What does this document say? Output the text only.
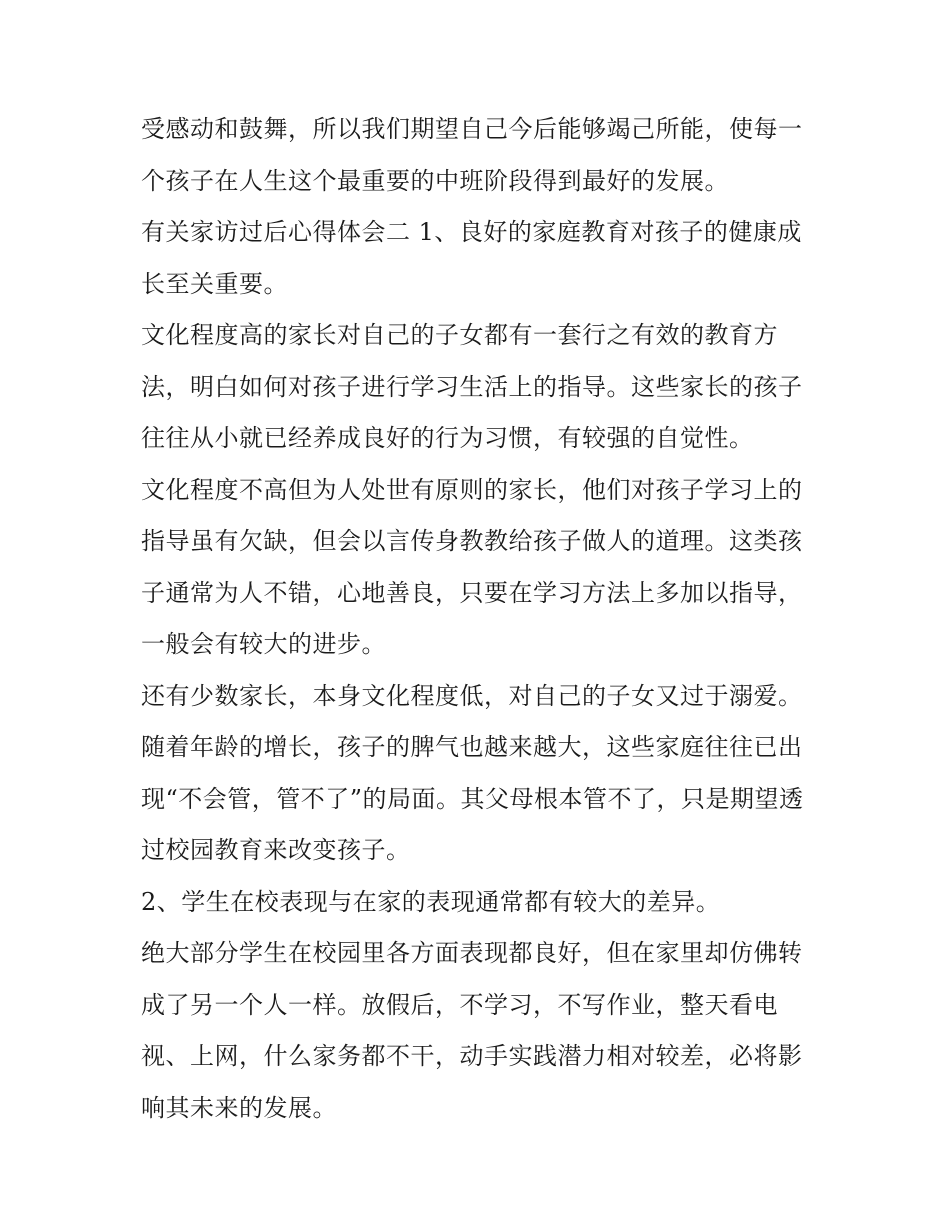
受感动和鼓舞，所以我们期望自己今后能够竭己所能，使每一
个孩子在人生这个最重要的中班阶段得到最好的发展。
有关家访过后心得体会二 1、良好的家庭教育对孩子的健康成
长至关重要。
文化程度高的家长对自己的子女都有一套行之有效的教育方
法，明白如何对孩子进行学习生活上的指导。这些家长的孩子
往往从小就已经养成良好的行为习惯，有较强的自觉性。
文化程度不高但为人处世有原则的家长，他们对孩子学习上的
指导虽有欠缺，但会以言传身教教给孩子做人的道理。这类孩
子通常为人不错，心地善良，只要在学习方法上多加以指导，
一般会有较大的进步。
还有少数家长，本身文化程度低，对自己的子女又过于溺爱。
随着年龄的增长，孩子的脾气也越来越大，这些家庭往往已出
现“不会管，管不了”的局面。其父母根本管不了，只是期望透
过校园教育来改变孩子。
2、学生在校表现与在家的表现通常都有较大的差异。
绝大部分学生在校园里各方面表现都良好，但在家里却仿佛转
成了另一个人一样。放假后，不学习，不写作业，整天看电
视、上网，什么家务都不干，动手实践潜力相对较差，必将影
响其未来的发展。
